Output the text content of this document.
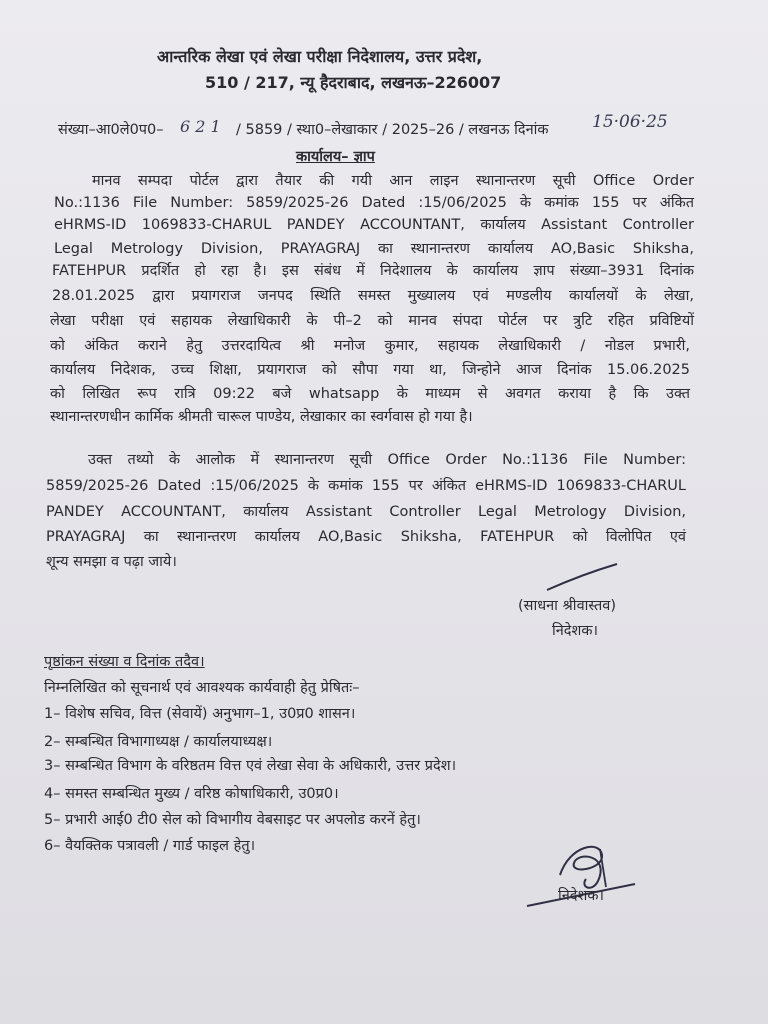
आन्तरिक लेखा एवं लेखा परीक्षा निदेशालय, उत्तर प्रदेश,
510 / 217, न्यू हैदराबाद, लखनऊ–226007
संख्या–आ0ले0प0– 6 2 1 / 5859 / स्था0–लेखाकार / 2025–26 / लखनऊ दिनांक	15·06·25
कार्यालय– ज्ञाप
मानव सम्पदा पोर्टल द्वारा तैयार की गयी आन लाइन स्थानान्तरण सूची Office Order
No.:1136 File Number: 5859/2025-26 Dated :15/06/2025 के कमांक 155 पर अंकित
eHRMS-ID 1069833-CHARUL PANDEY ACCOUNTANT, कार्यालय Assistant Controller
Legal Metrology Division, PRAYAGRAJ का स्थानान्तरण कार्यालय AO,Basic Shiksha,
FATEHPUR प्रदर्शित हो रहा है। इस संबंध में निदेशालय के कार्यालय ज्ञाप संख्या–3931 दिनांक
28.01.2025 द्वारा प्रयागराज जनपद स्थिति समस्त मुख्यालय एवं मण्डलीय कार्यालयों के लेखा,
लेखा परीक्षा एवं सहायक लेखाधिकारी के पी–2 को मानव संपदा पोर्टल पर त्रुटि रहित प्रविष्टियों
को अंकित कराने हेतु उत्तरदायित्व श्री मनोज कुमार, सहायक लेखाधिकारी / नोडल प्रभारी,
कार्यालय निदेशक, उच्च शिक्षा, प्रयागराज को सौपा गया था, जिन्होने आज दिनांक 15.06.2025
को लिखित रूप रात्रि 09:22 बजे whatsapp के माध्यम से अवगत कराया है कि उक्त
स्थानान्तरणधीन कार्मिक श्रीमती चारूल पाण्डेय, लेखाकार का स्वर्गवास हो गया है।
उक्त तथ्यो के आलोक में स्थानान्तरण सूची Office Order No.:1136 File Number:
5859/2025-26 Dated :15/06/2025 के कमांक 155 पर अंकित eHRMS-ID 1069833-CHARUL
PANDEY ACCOUNTANT, कार्यालय Assistant Controller Legal Metrology Division,
PRAYAGRAJ का स्थानान्तरण कार्यालय AO,Basic Shiksha, FATEHPUR को विलोपित एवं
शून्य समझा व पढ़ा जाये।
(साधना श्रीवास्तव)
निदेशक।
पृष्ठांकन संख्या व दिनांक तदैव।
निम्नलिखित को सूचनार्थ एवं आवश्यक कार्यवाही हेतु प्रेषितः–
1– विशेष सचिव, वित्त (सेवायें) अनुभाग–1, उ0प्र0 शासन।
2– सम्बन्धित विभागाध्यक्ष / कार्यालयाध्यक्ष।
3– सम्बन्धित विभाग के वरिष्ठतम वित्त एवं लेखा सेवा के अधिकारी, उत्तर प्रदेश।
4– समस्त सम्बन्धित मुख्य / वरिष्ठ कोषाधिकारी, उ0प्र0।
5– प्रभारी आई0 टी0 सेल को विभागीय वेबसाइट पर अपलोड करनें हेतु।
6– वैयक्तिक पत्रावली / गार्ड फाइल हेतु।
निदेशक।
